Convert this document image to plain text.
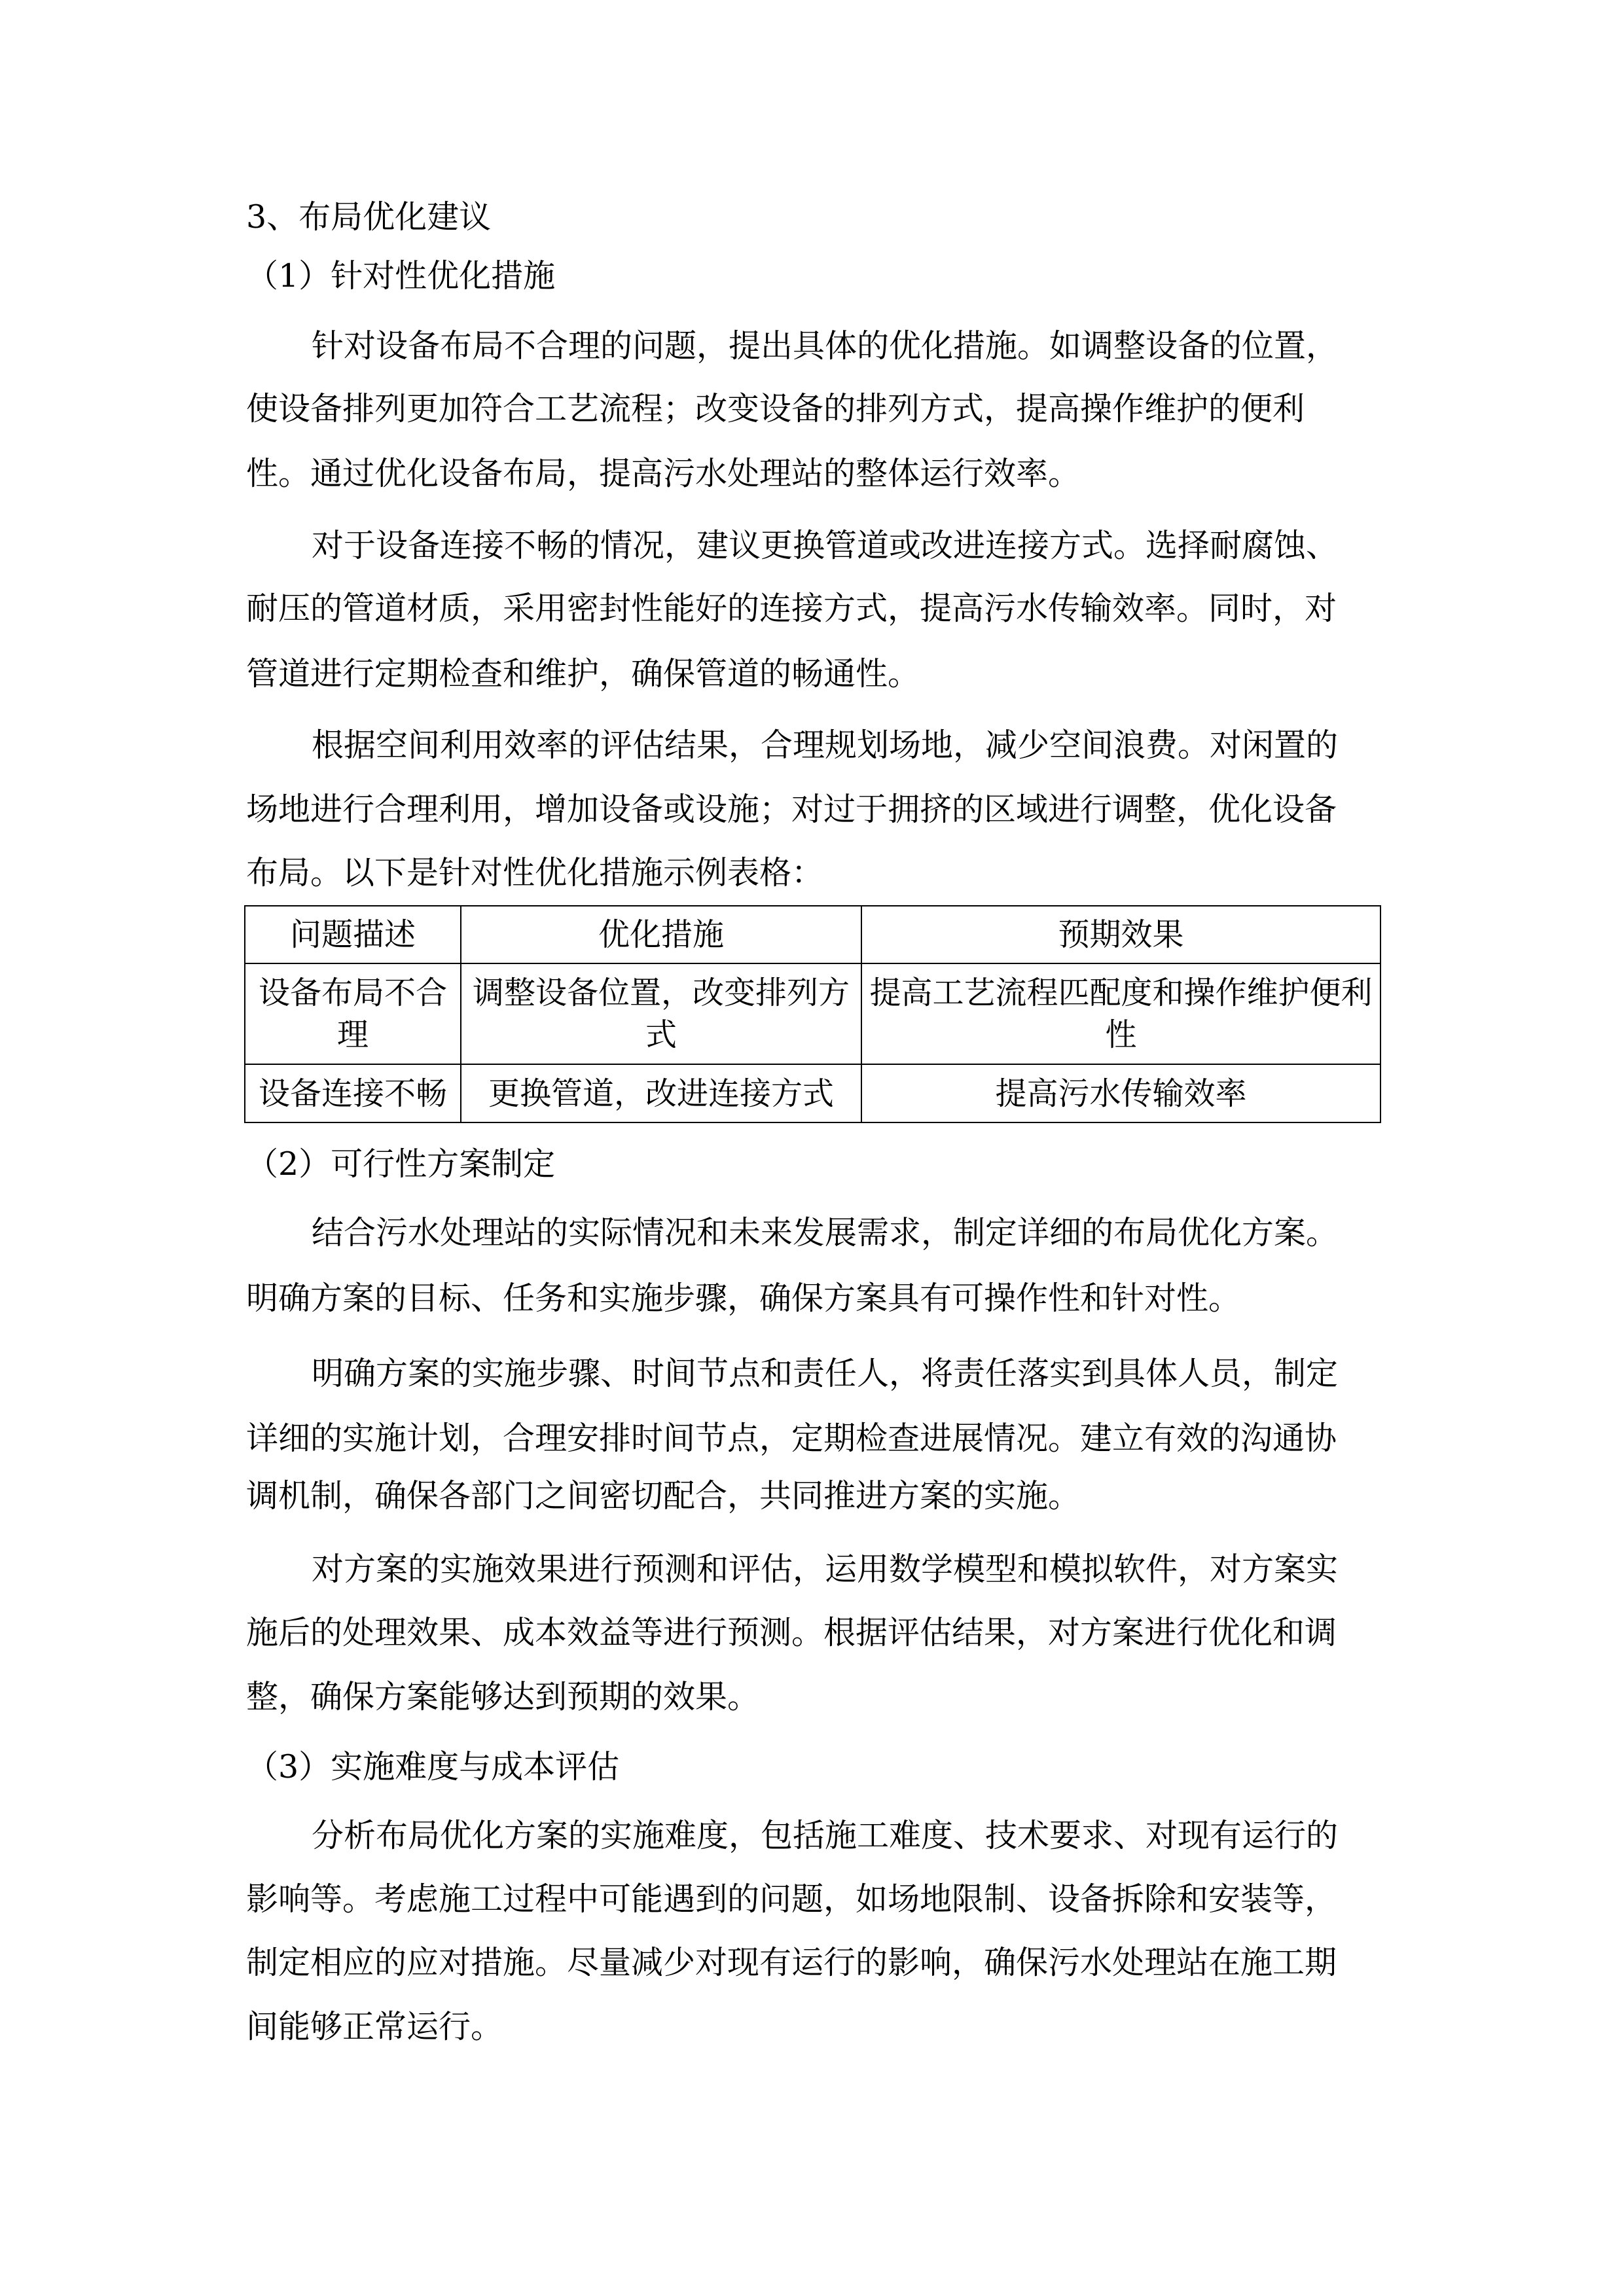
3、布局优化建议
（1）针对性优化措施
针对设备布局不合理的问题，提出具体的优化措施。如调整设备的位置，
使设备排列更加符合工艺流程；改变设备的排列方式，提高操作维护的便利
性。通过优化设备布局，提高污水处理站的整体运行效率。
对于设备连接不畅的情况，建议更换管道或改进连接方式。选择耐腐蚀、
耐压的管道材质，采用密封性能好的连接方式，提高污水传输效率。同时，对
管道进行定期检查和维护，确保管道的畅通性。
根据空间利用效率的评估结果，合理规划场地，减少空间浪费。对闲置的
场地进行合理利用，增加设备或设施；对过于拥挤的区域进行调整，优化设备
布局。以下是针对性优化措施示例表格：
问题描述	优化措施	预期效果
设备布局不合理	调整设备位置，改变排列方式	提高工艺流程匹配度和操作维护便利性
设备连接不畅	更换管道，改进连接方式	提高污水传输效率
（2）可行性方案制定
结合污水处理站的实际情况和未来发展需求，制定详细的布局优化方案。
明确方案的目标、任务和实施步骤，确保方案具有可操作性和针对性。
明确方案的实施步骤、时间节点和责任人，将责任落实到具体人员，制定
详细的实施计划，合理安排时间节点，定期检查进展情况。建立有效的沟通协
调机制，确保各部门之间密切配合，共同推进方案的实施。
对方案的实施效果进行预测和评估，运用数学模型和模拟软件，对方案实
施后的处理效果、成本效益等进行预测。根据评估结果，对方案进行优化和调
整，确保方案能够达到预期的效果。
（3）实施难度与成本评估
分析布局优化方案的实施难度，包括施工难度、技术要求、对现有运行的
影响等。考虑施工过程中可能遇到的问题，如场地限制、设备拆除和安装等，
制定相应的应对措施。尽量减少对现有运行的影响，确保污水处理站在施工期
间能够正常运行。
